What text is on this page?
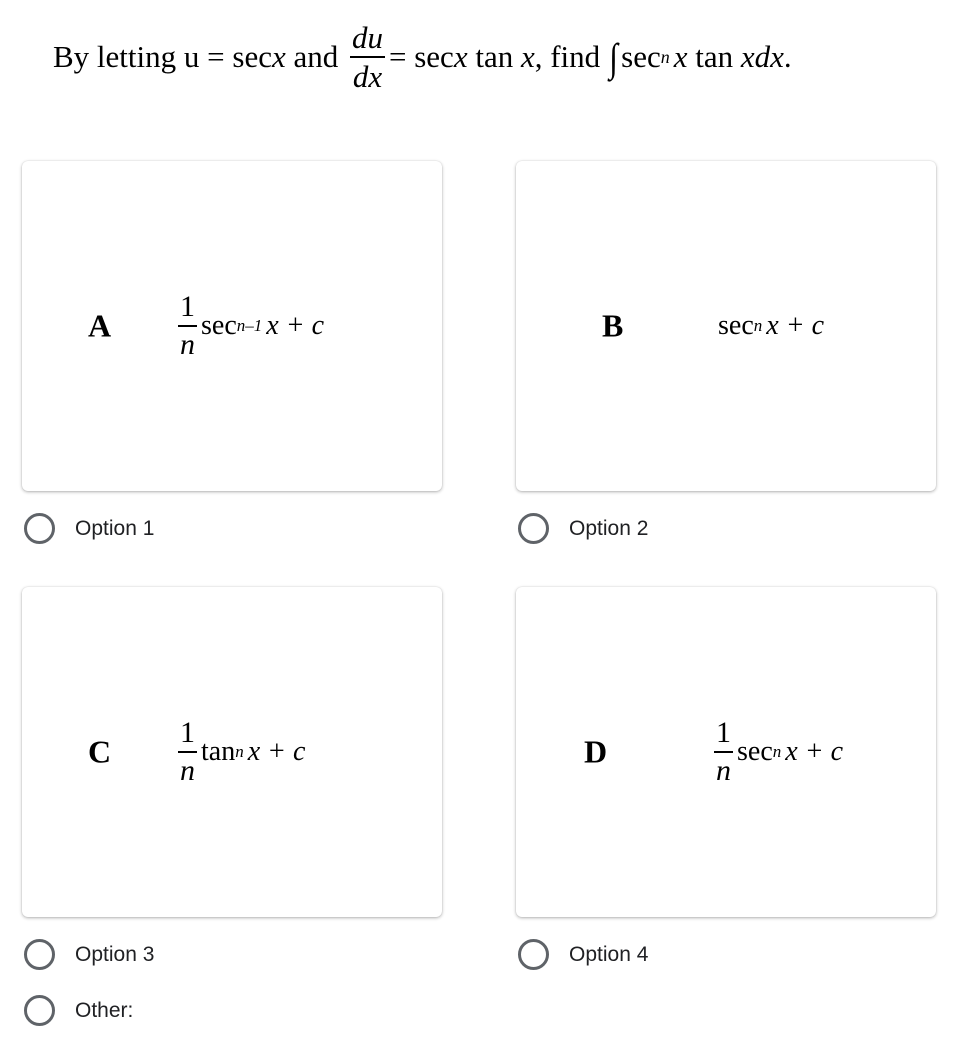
By letting
u = sec x
and
$\frac{du}{dx} = \sec x$
tan
x , find ∫ sec n x
tan
xdx .
A $\frac{1}{n}$ sec n–1 x + c
Option 1
B	sec n x + c
Option 2
C $\frac{1}{n}$ tan n x + c
Option 3
D	$\frac{1}{n}$ sec n x + c
Option 4
Other:
